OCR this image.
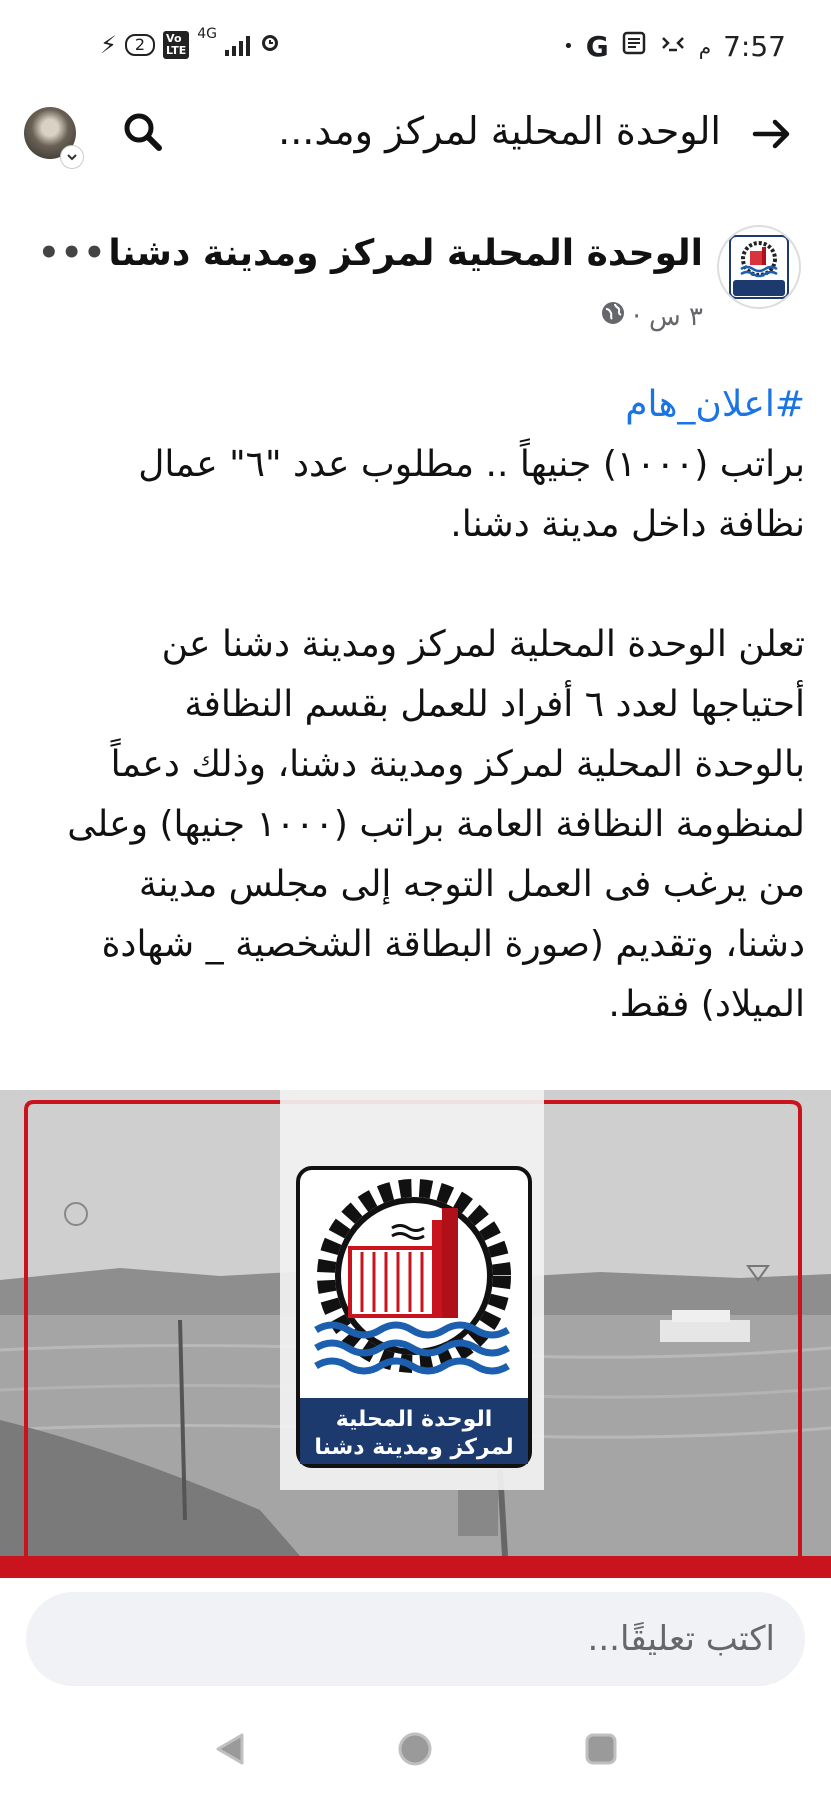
⚡	2	Vo
LTE
4G
• G	م 7:57
الوحدة المحلية لمركز ومد...
الوحدة المحلية لمركز ومدينة دشنا
٣ س ·
•••
#اعلان_هام
براتب (١٠٠٠) جنيهاً .. مطلوب عدد "٦" عمال
نظافة داخل مدينة دشنا.
تعلن الوحدة المحلية لمركز ومدينة دشنا عن
أحتياجها لعدد ٦ أفراد للعمل بقسم النظافة
بالوحدة المحلية لمركز ومدينة دشنا، وذلك دعماً
لمنظومة النظافة العامة براتب (١٠٠٠ جنيها) وعلى
من يرغب فى العمل التوجه إلى مجلس مدينة
دشنا، وتقديم (صورة البطاقة الشخصية _ شهادة
الميلاد) فقط.
الوحدة المحلية
لمركز ومدينة دشنا
اكتب تعليقًا...
